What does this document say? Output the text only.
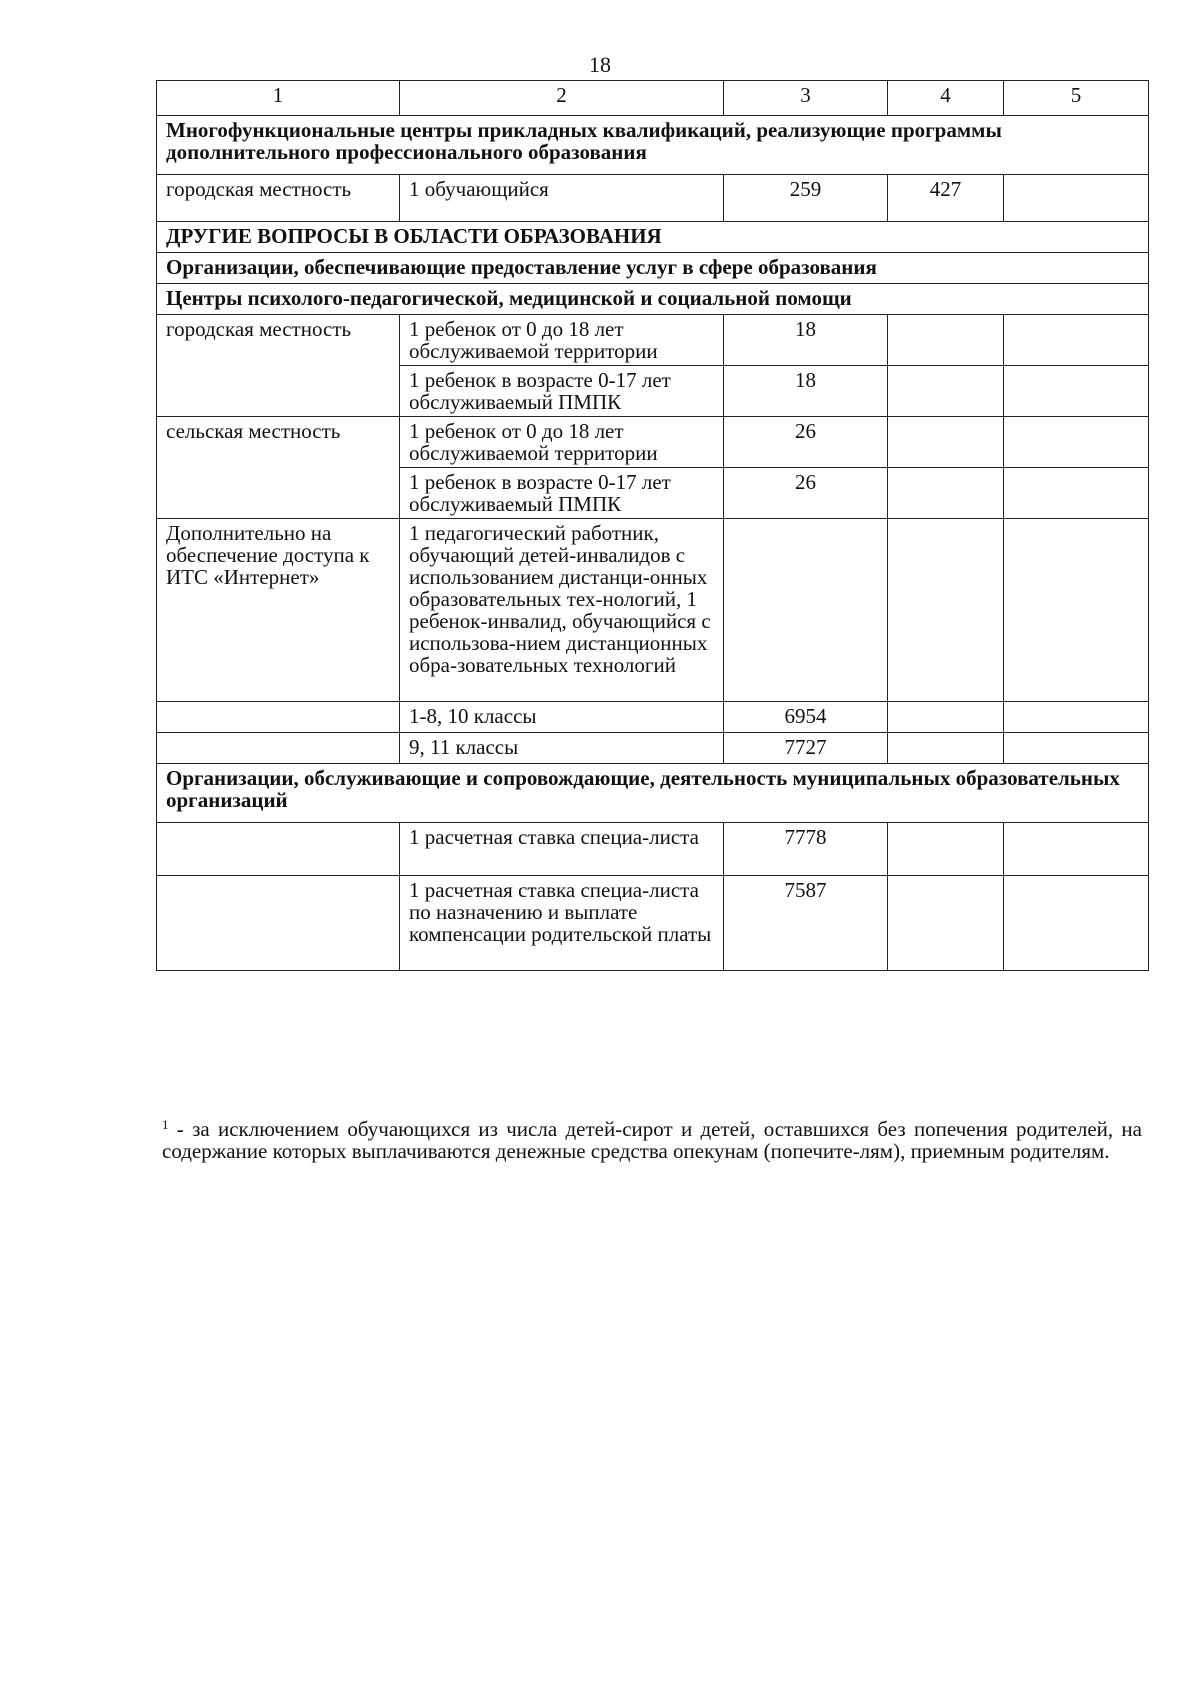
18
1	2	3	4	5
Многофункциональные центры прикладных квалификаций, реализующие программы дополнительного профессионального образования				
городская местность	1 обучающийся	259	427	
ДРУГИЕ ВОПРОСЫ В ОБЛАСТИ ОБРАЗОВАНИЯ				
Организации, обеспечивающие предоставление услуг в сфере образования				
Центры психолого-педагогической, медицинской и социальной помощи				
городская местность	1 ребенок от 0 до 18 лет обслуживаемой территории	18		
	1 ребенок в возрасте 0-17 лет обслуживаемый ПМПК	18		
сельская местность	1 ребенок от 0 до 18 лет обслуживаемой территории	26		
	1 ребенок в возрасте 0-17 лет обслуживаемый ПМПК	26		
Дополнительно на обеспечение доступа к ИТС «Интернет»	1 педагогический работник, обучающий детей-инвалидов с использованием дистанци-онных образовательных тех-нологий, 1 ребенок-инвалид, обучающийся с использова-нием дистанционных обра-зовательных технологий			
	1-8, 10 классы	6954		
	9, 11 классы	7727		
Организации, обслуживающие и сопровождающие, деятельность муниципальных образовательных организаций				
	1 расчетная ставка специа-листа	7778		
	1 расчетная ставка специа-листа по назначению и выплате компенсации родительской платы	7587		
$^1$ - за исключением обучающихся из числа детей-сирот и детей, оставшихся без попечения родителей, на содержание которых выплачиваются денежные средства опекунам (попечите-лям), приемным родителям.
